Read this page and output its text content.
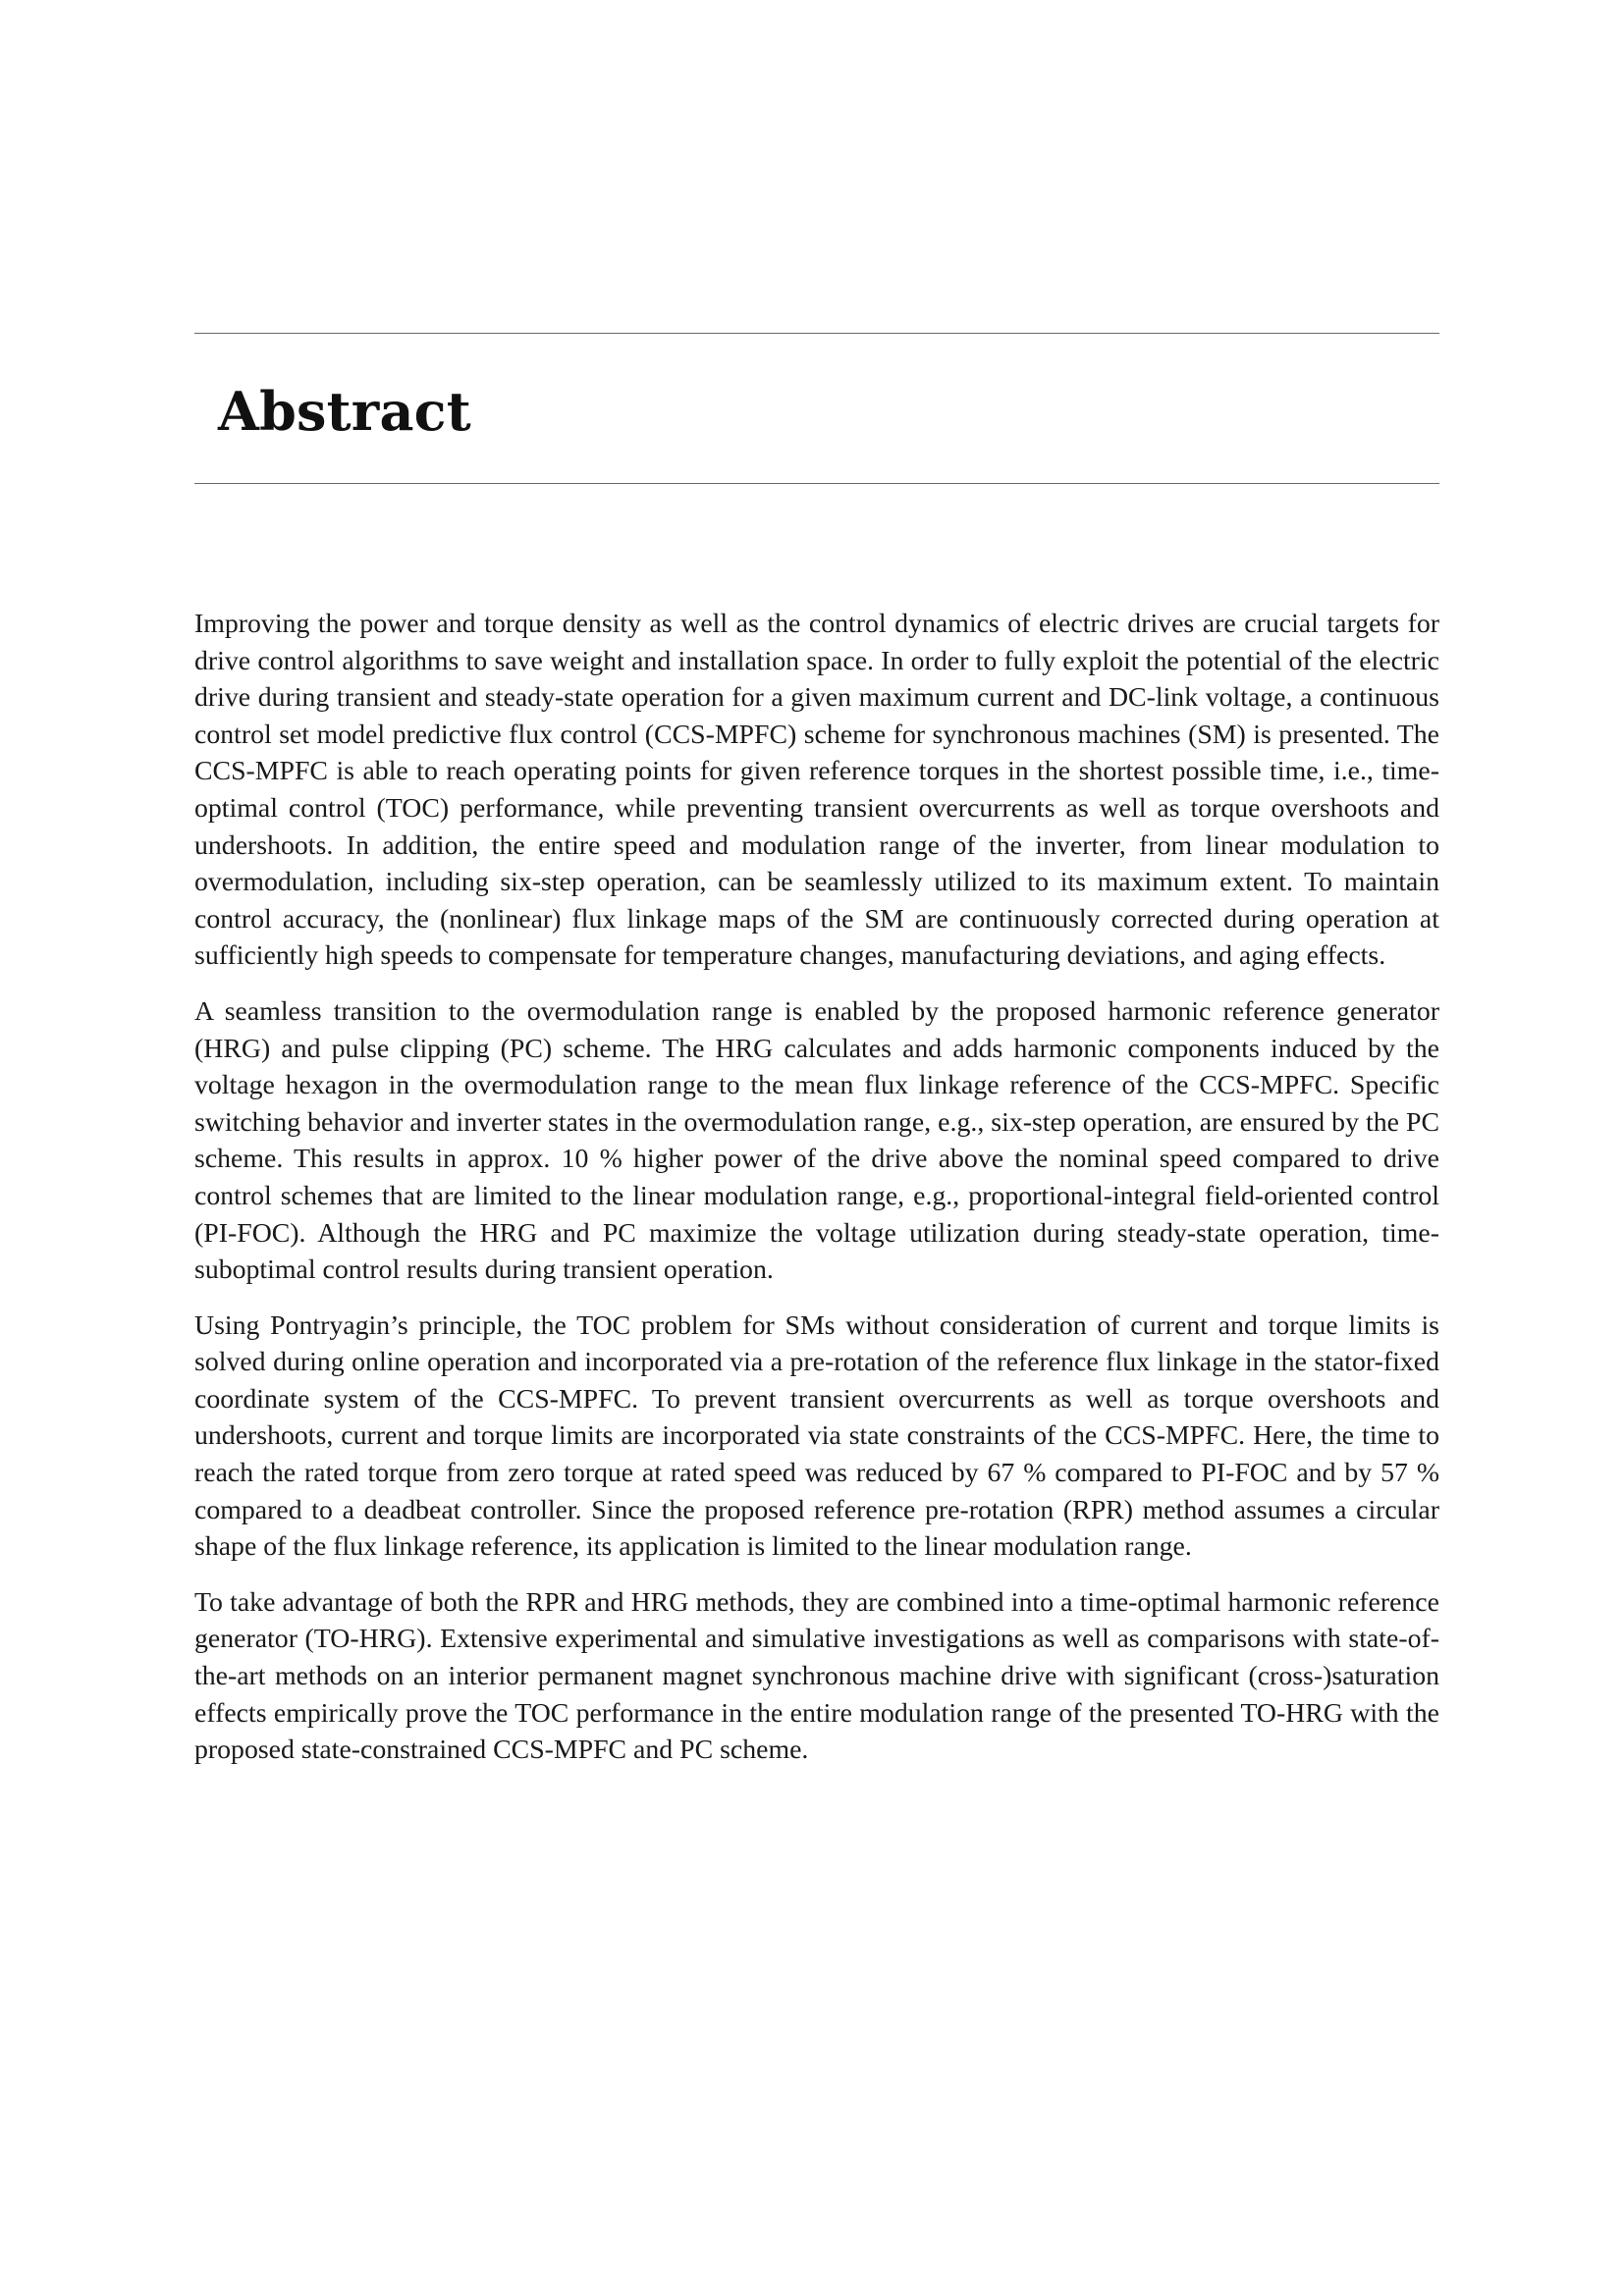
Abstract

Improving the power and torque density as well as the control dynamics of electric drives are crucial targets for drive control algorithms to save weight and installation space. In order to fully exploit the potential of the electric drive during transient and steady-state operation for a given maximum current and DC-link voltage, a continuous control set model predictive flux control (CCS-MPFC) scheme for synchronous machines (SM) is presented. The CCS-MPFC is able to reach operating points for given reference torques in the shortest possible time, i.e., time-optimal control (TOC) performance, while preventing transient overcurrents as well as torque overshoots and undershoots. In addition, the entire speed and modulation range of the inverter, from linear modulation to overmodulation, including six-step operation, can be seamlessly utilized to its maximum extent. To maintain control accuracy, the (nonlinear) flux linkage maps of the SM are continuously corrected during operation at sufficiently high speeds to compensate for temperature changes, manufacturing deviations, and aging effects.

A seamless transition to the overmodulation range is enabled by the proposed harmonic reference generator (HRG) and pulse clipping (PC) scheme. The HRG calculates and adds harmonic components induced by the voltage hexagon in the overmodulation range to the mean flux linkage reference of the CCS-MPFC. Specific switching behavior and inverter states in the overmodulation range, e.g., six-step operation, are ensured by the PC scheme. This results in approx. 10 % higher power of the drive above the nominal speed compared to drive control schemes that are limited to the linear modulation range, e.g., proportional-integral field-oriented control (PI-FOC). Although the HRG and PC maximize the voltage utilization during steady-state operation, time-suboptimal control results during transient operation.

Using Pontryagin’s principle, the TOC problem for SMs without consideration of current and torque limits is solved during online operation and incorporated via a pre-rotation of the reference flux linkage in the stator-fixed coordinate system of the CCS-MPFC. To prevent transient overcurrents as well as torque overshoots and undershoots, current and torque limits are incorporated via state constraints of the CCS-MPFC. Here, the time to reach the rated torque from zero torque at rated speed was reduced by 67 % compared to PI-FOC and by 57 % compared to a deadbeat controller. Since the proposed reference pre-rotation (RPR) method assumes a circular shape of the flux linkage reference, its application is limited to the linear modulation range.

To take advantage of both the RPR and HRG methods, they are combined into a time-optimal harmonic reference generator (TO-HRG). Extensive experimental and simulative investigations as well as comparisons with state-of-the-art methods on an interior permanent magnet synchronous machine drive with significant (cross-)saturation effects empirically prove the TOC performance in the entire modulation range of the presented TO-HRG with the proposed state-constrained CCS-MPFC and PC scheme.
